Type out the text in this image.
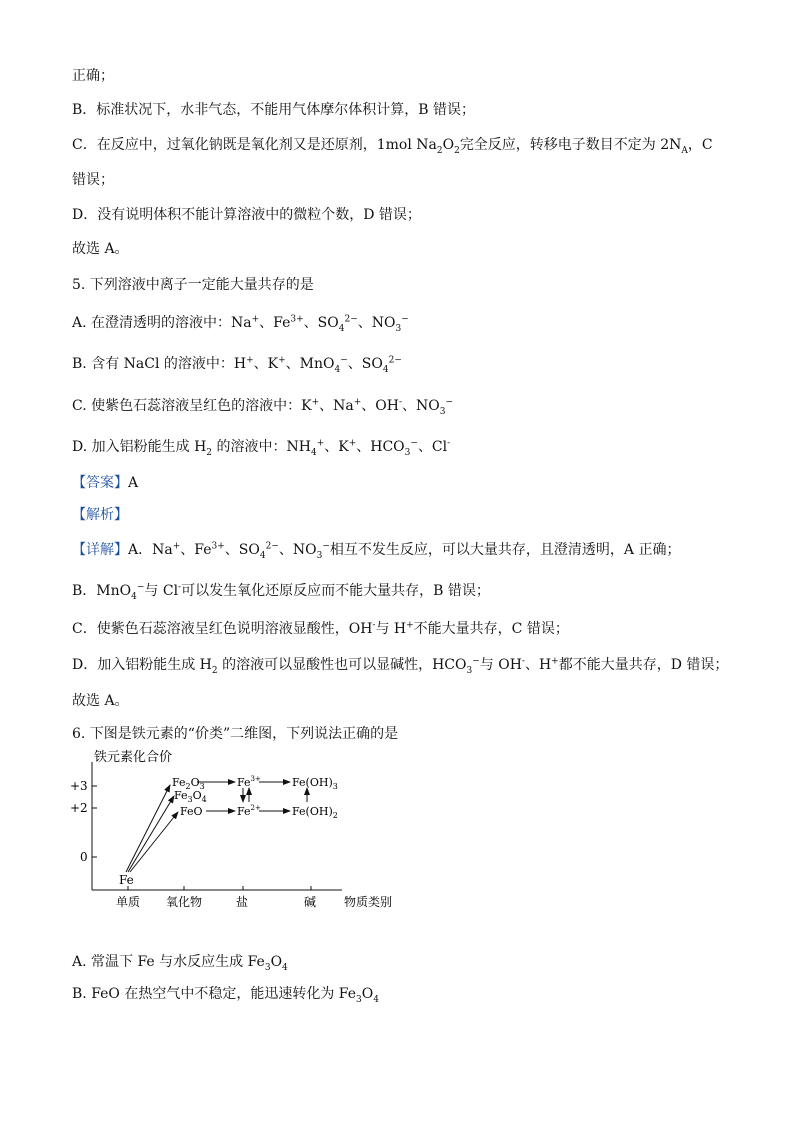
正确；
B．标准状况下，水非气态，不能用气体摩尔体积计算，B 错误；
C．在反应中，过氧化钠既是氧化剂又是还原剂，1mol $Na_2O_2$完全反应，转移电子数目不定为 $2N_A$，C
错误；
D．没有说明体积不能计算溶液中的微粒个数，D 错误；
故选 A。
5. 下列溶液中离子一定能大量共存的是
A. 在澄清透明的溶液中：Na+、$Fe^{3+}$、$SO_4^{2-}$、$NO_3^-$
B. 含有 NaCl 的溶液中：H+、K+、MnO$_4$−、$SO_4^{2-}$
C. 使紫色石蕊溶液呈红色的溶液中：K+、Na+、OH-、$NO_3^-$
D. 加入铝粉能生成 $H_2$ 的溶液中：$NH_4^+$、K+、$HCO_3^-$、Cl-
【答案】A
【解析】
【详解】A．Na+、$Fe^{3+}$、$SO_4^{2-}$、$NO_3^-$相互不发生反应，可以大量共存，且澄清透明，A 正确；
B．MnO$_4$−与 Cl-可以发生氧化还原反应而不能大量共存，B 错误；
C．使紫色石蕊溶液呈红色说明溶液显酸性，OH-与 H+不能大量共存，C 错误；
D．加入铝粉能生成 $H_2$ 的溶液可以显酸性也可以显碱性，$HCO_3^-$与 OH-、H+都不能大量共存，D 错误；
故选 A。
6. 下图是铁元素的“价类”二维图，下列说法正确的是
铁元素化合价
+3
+2
0
单质 氧化物	盐	碱 物质类别
Fe
$Fe_2O_3$
$Fe_3O_4$
FeO
$Fe^{3+}$
$Fe^{2+}$
$Fe(OH)_3$
$Fe(OH)_2$
A. 常温下 Fe 与水反应生成 $Fe_3O_4$
B. FeO 在热空气中不稳定，能迅速转化为 $Fe_3O_4$
